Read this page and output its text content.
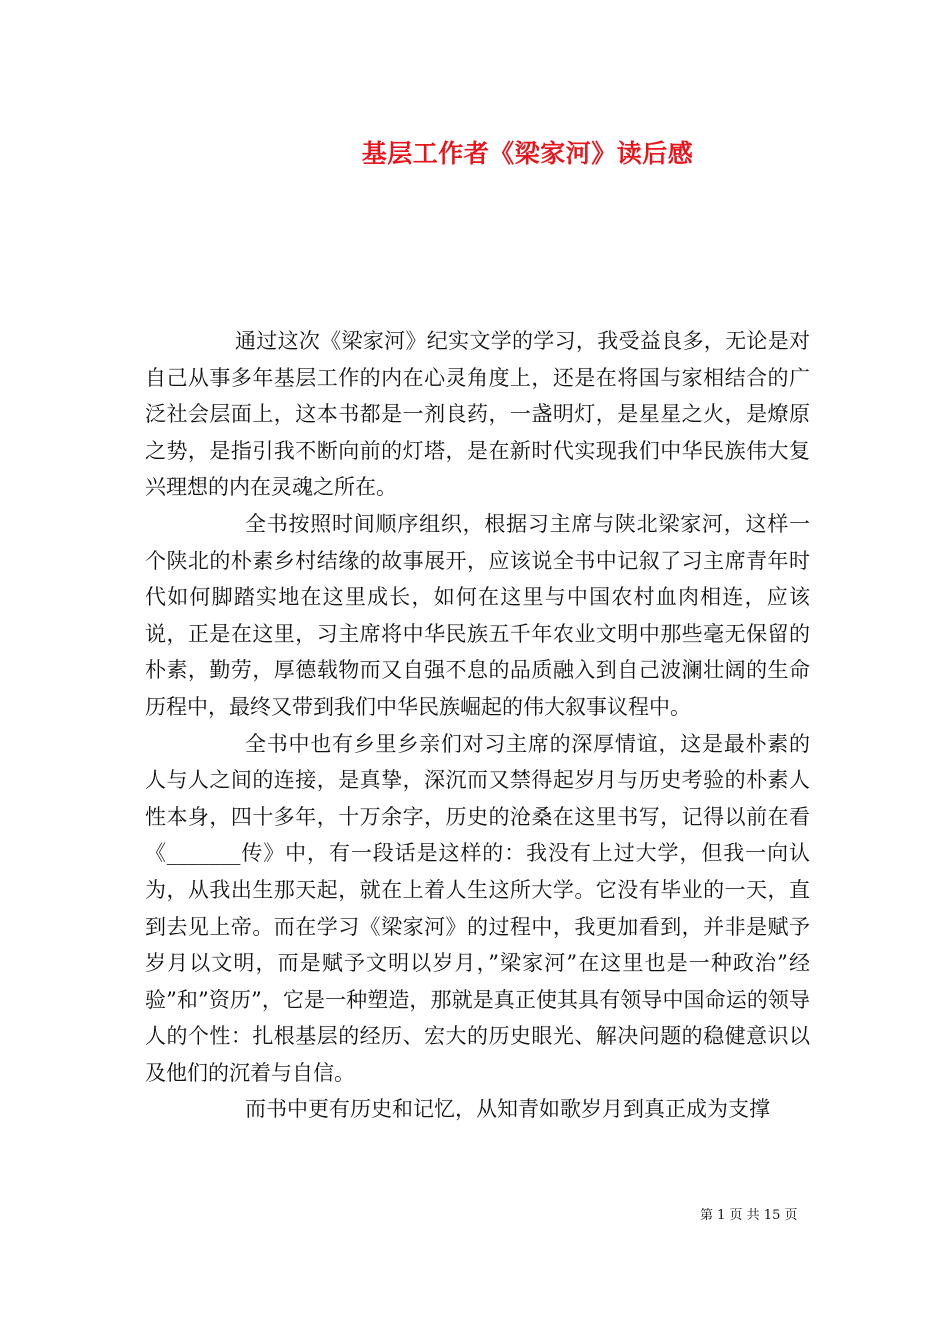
基层工作者《梁家河》读后感

通过这次《梁家河》纪实文学的学习，我受益良多，无论是对自己从事多年基层工作的内在心灵角度上，还是在将国与家相结合的广泛社会层面上，这本书都是一剂良药，一盏明灯，是星星之火，是燎原之势，是指引我不断向前的灯塔，是在新时代实现我们中华民族伟大复兴理想的内在灵魂之所在。

全书按照时间顺序组织，根据习主席与陕北梁家河，这样一个陕北的朴素乡村结缘的故事展开，应该说全书中记叙了习主席青年时代如何脚踏实地在这里成长，如何在这里与中国农村血肉相连，应该说，正是在这里，习主席将中华民族五千年农业文明中那些毫无保留的朴素，勤劳，厚德载物而又自强不息的品质融入到自己波澜壮阔的生命历程中，最终又带到我们中华民族崛起的伟大叙事议程中。

全书中也有乡里乡亲们对习主席的深厚情谊，这是最朴素的人与人之间的连接，是真挚，深沉而又禁得起岁月与历史考验的朴素人性本身，四十多年，十万余字，历史的沧桑在这里书写，记得以前在看《_______传》中，有一段话是这样的：我没有上过大学，但我一向认为，从我出生那天起，就在上着人生这所大学。它没有毕业的一天，直到去见上帝。而在学习《梁家河》的过程中，我更加看到，并非是赋予岁月以文明，而是赋予文明以岁月，”梁家河”在这里也是一种政治”经验”和”资历”，它是一种塑造，那就是真正使其具有领导中国命运的领导人的个性：扎根基层的经历、宏大的历史眼光、解决问题的稳健意识以及他们的沉着与自信。

而书中更有历史和记忆，从知青如歌岁月到真正成为支撑

第 1 页 共 15 页
